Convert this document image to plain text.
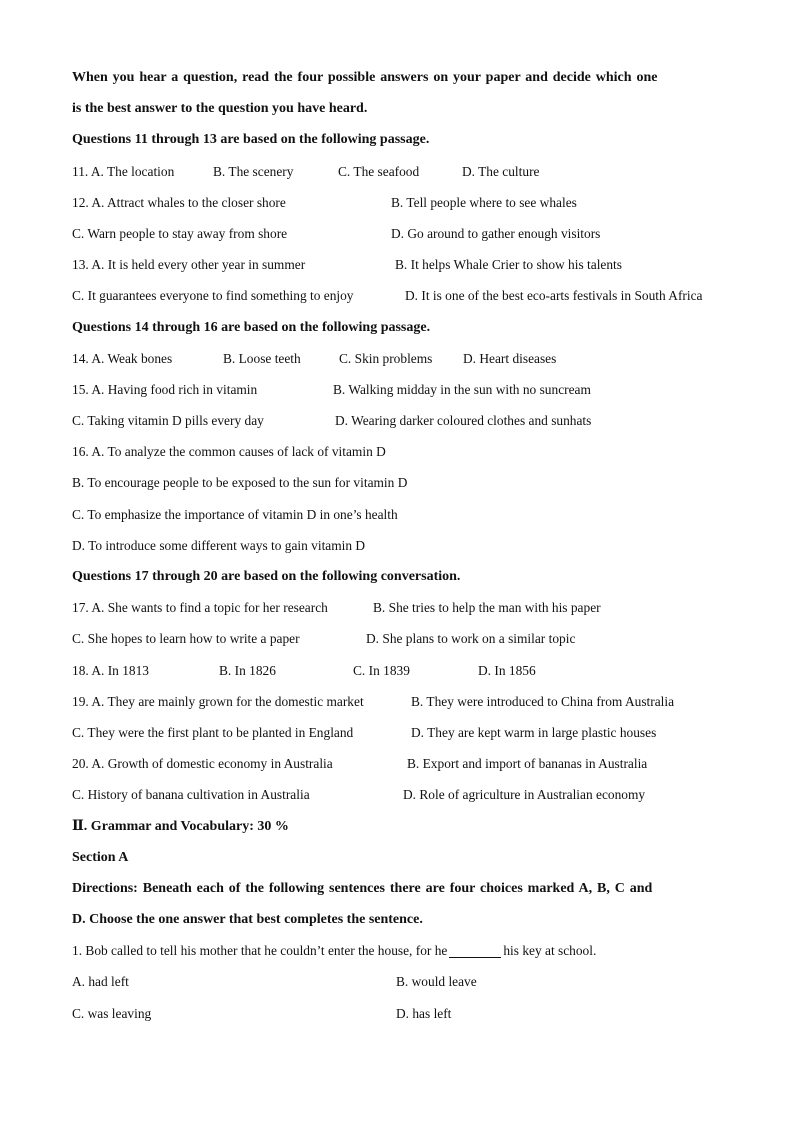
When you hear a question, read the four possible answers on your paper and decide which one
is the best answer to the question you have heard.
Questions 11 through 13 are based on the following passage.
11. A. The location	B. The scenery	C. The seafood	D. The culture
12. A. Attract whales to the closer shore	B. Tell people where to see whales
C. Warn people to stay away from shore	D. Go around to gather enough visitors
13. A. It is held every other year in summer	B. It helps Whale Crier to show his talents
C. It guarantees everyone to find something to enjoy	D. It is one of the best eco-arts festivals in South Africa
Questions 14 through 16 are based on the following passage.
14. A. Weak bones	B. Loose teeth	C. Skin problems D. Heart diseases
15. A. Having food rich in vitamin	B. Walking midday in the sun with no suncream
C. Taking vitamin D pills every day	D. Wearing darker coloured clothes and sunhats
16. A. To analyze the common causes of lack of vitamin D
B. To encourage people to be exposed to the sun for vitamin D
C. To emphasize the importance of vitamin D in one’s health
D. To introduce some different ways to gain vitamin D
Questions 17 through 20 are based on the following conversation.
17. A. She wants to find a topic for her research	B. She tries to help the man with his paper
C. She hopes to learn how to write a paper	D. She plans to work on a similar topic
18. A. In 1813	B. In 1826	C. In 1839	D. In 1856
19. A. They are mainly grown for the domestic market	B. They were introduced to China from Australia
C. They were the first plant to be planted in England	D. They are kept warm in large plastic houses
20. A. Growth of domestic economy in Australia	B. Export and import of bananas in Australia
C. History of banana cultivation in Australia	D. Role of agriculture in Australian economy
Ⅱ. Grammar and Vocabulary: 30 %
Section A
Directions: Beneath each of the following sentences there are four choices marked A, B, C and
D. Choose the one answer that best completes the sentence.
1. Bob called to tell his mother that he couldn’t enter the house, for he	his key at school.
A. had left	B. would leave
C. was leaving	D. has left
